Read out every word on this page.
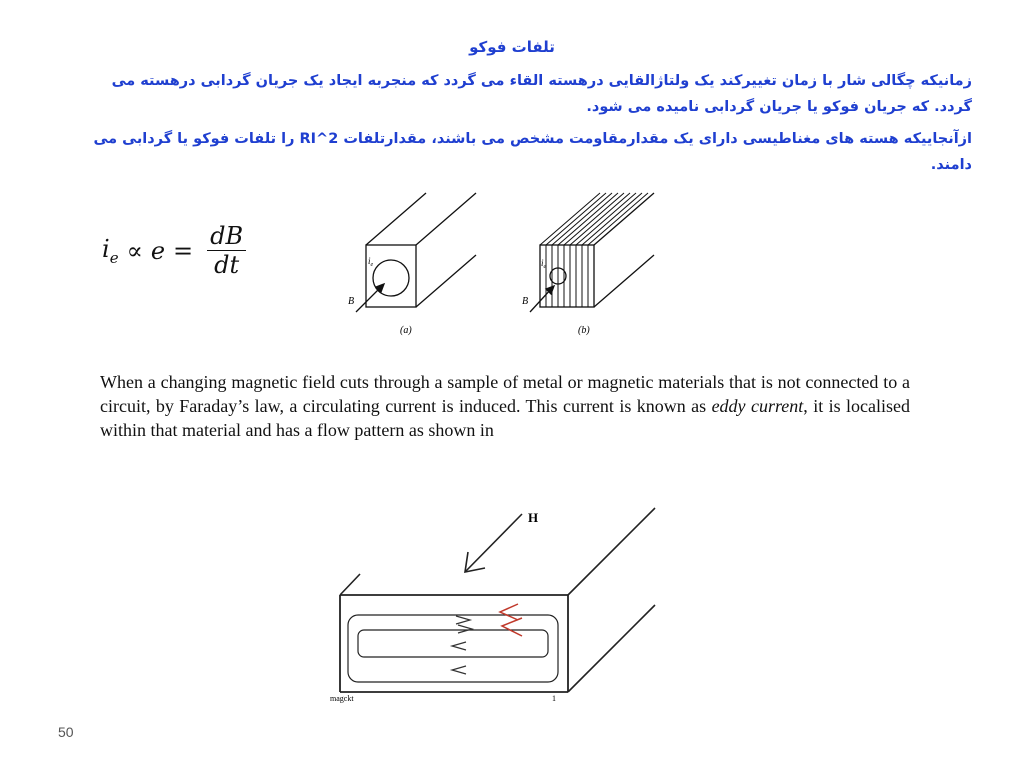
تلفات فوکو
زمانیکه چگالی شار با زمان تغییرکند یک ولتاژالقایی درهسته القاء می گردد که منجربه ایجاد یک جریان گردابی درهسته می گردد. که جریان فوکو یا جریان گردابی نامیده می شود.
ازآنجاییکه هسته های مغناطیسی دارای یک مقدارمقاومت مشخص می باشند، مقدارتلفات RI^2 را تلفات فوکو یا گردابی می دامند.
$i_e \propto e = \frac{dB}{dt}$
B
$i_e$
B
$i_e$
(a)	(b)
When a changing magnetic field cuts through a sample of metal or magnetic materials that is not connected to a circuit, by Faraday’s law, a circulating current is induced. This current is known as eddy current, it is localised within that material and has a flow pattern as shown in
H
magckt	1
50
